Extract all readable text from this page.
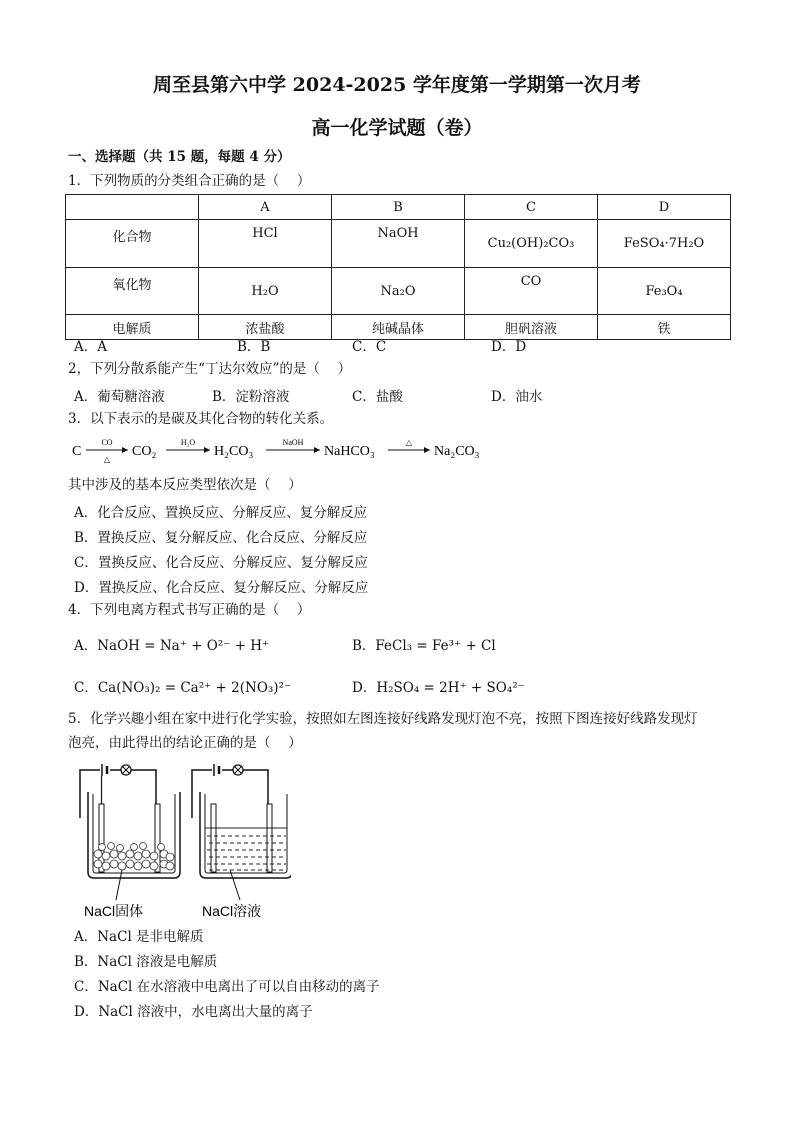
周至县第六中学 2024-2025 学年度第一学期第一次月考
高一化学试题（卷）
一、选择题（共 15 题，每题 4 分）
1．下列物质的分类组合正确的是（　 ）
	A	B	C	D
化合物	HCl	NaOH	Cu₂(OH)₂CO₃	FeSO₄·7H₂O
氧化物	H₂O	Na₂O	CO	Fe₃O₄
电解质	浓盐酸	纯碱晶体	胆矾溶液	铁
A．A	B．B	C．C	D．D
2，下列分散系能产生“丁达尔效应”的是（　 ）
A．葡萄糖溶液	B．淀粉溶液	C．盐酸	D．油水
3．以下表示的是碳及其化合物的转化关系。
C
CO
△
CO₂
H₂O
H₂CO₃
NaOH
NaHCO₃
△
Na₂CO₃
其中涉及的基本反应类型依次是（　 ）
A．化合反应、置换反应、分解反应、复分解反应
B．置换反应、复分解反应、化合反应、分解反应
C．置换反应、化合反应、分解反应、复分解反应
D．置换反应、化合反应、复分解反应、分解反应
4．下列电离方程式书写正确的是（　 ）
A．NaOH = Na⁺ + O²⁻ + H⁺	B．FeCl₃ = Fe³⁺ + Cl
C．Ca(NO₃)₂ = Ca²⁺ + 2(NO₃)²⁻	D．H₂SO₄ = 2H⁺ + SO₄²⁻
5．化学兴趣小组在家中进行化学实验，按照如左图连接好线路发现灯泡不亮，按照下图连接好线路发现灯
泡亮，由此得出的结论正确的是（　 ）
NaCl固体	NaCl溶液
A．NaCl 是非电解质
B．NaCl 溶液是电解质
C．NaCl 在水溶液中电离出了可以自由移动的离子
D．NaCl 溶液中，水电离出大量的离子
